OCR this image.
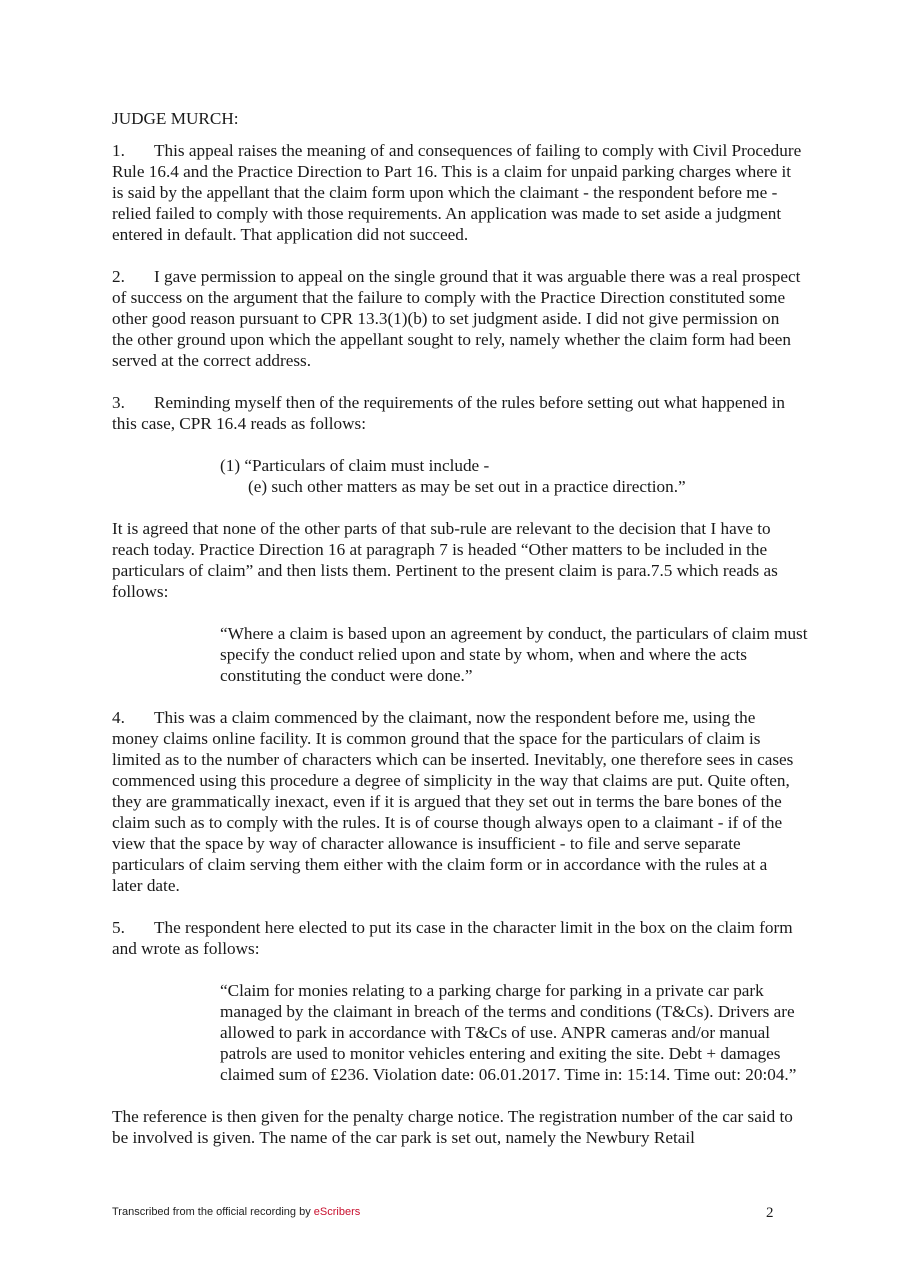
JUDGE MURCH:

1. This appeal raises the meaning of and consequences of failing to comply with Civil Procedure Rule 16.4 and the Practice Direction to Part 16. This is a claim for unpaid parking charges where it is said by the appellant that the claim form upon which the claimant - the respondent before me - relied failed to comply with those requirements. An application was made to set aside a judgment entered in default. That application did not succeed.

2. I gave permission to appeal on the single ground that it was arguable there was a real prospect of success on the argument that the failure to comply with the Practice Direction constituted some other good reason pursuant to CPR 13.3(1)(b) to set judgment aside. I did not give permission on the other ground upon which the appellant sought to rely, namely whether the claim form had been served at the correct address.

3. Reminding myself then of the requirements of the rules before setting out what happened in this case, CPR 16.4 reads as follows:

(1) “Particulars of claim must include -
(e) such other matters as may be set out in a practice direction.”

It is agreed that none of the other parts of that sub-rule are relevant to the decision that I have to reach today. Practice Direction 16 at paragraph 7 is headed “Other matters to be included in the particulars of claim” and then lists them. Pertinent to the present claim is para.7.5 which reads as follows:

“Where a claim is based upon an agreement by conduct, the particulars of claim must specify the conduct relied upon and state by whom, when and where the acts constituting the conduct were done.”

4. This was a claim commenced by the claimant, now the respondent before me, using the money claims online facility. It is common ground that the space for the particulars of claim is limited as to the number of characters which can be inserted. Inevitably, one therefore sees in cases commenced using this procedure a degree of simplicity in the way that claims are put. Quite often, they are grammatically inexact, even if it is argued that they set out in terms the bare bones of the claim such as to comply with the rules. It is of course though always open to a claimant - if of the view that the space by way of character allowance is insufficient - to file and serve separate particulars of claim serving them either with the claim form or in accordance with the rules at a later date.

5. The respondent here elected to put its case in the character limit in the box on the claim form and wrote as follows:

“Claim for monies relating to a parking charge for parking in a private car park managed by the claimant in breach of the terms and conditions (T&Cs). Drivers are allowed to park in accordance with T&Cs of use. ANPR cameras and/or manual patrols are used to monitor vehicles entering and exiting the site. Debt + damages claimed sum of £236. Violation date: 06.01.2017. Time in: 15:14. Time out: 20:04.”

The reference is then given for the penalty charge notice. The registration number of the car said to be involved is given. The name of the car park is set out, namely the Newbury Retail

Transcribed from the official recording by eScribers	2
